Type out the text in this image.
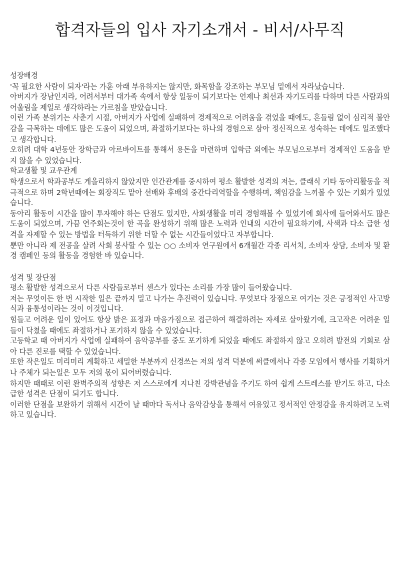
합격자들의 입사 자기소개서 - 비서/사무직
성장배경

'꼭 필요한 사람이 되자'라는 가훈 아래 부유하지는 않지만, 화목함을 강조하는 부모님 밑에서 자라났습니다.

아버지가 장남인지라, 어려서부터 대가족 속에서 항상 일등이 되기보다는 언제나 최선과 자기도리를 다하며 다른 사람과의 어울림을 제일로 생각하라는 가르침을 받았습니다.

이런 가족 분위기는 사춘기 시절, 아버지가 사업에 실패하여 경제적으로 어려움을 겪었을 때에도, 흔들림 없이 심리적 불안감을 극복하는 데에도 많은 도움이 되었으며, 좌절하기보다는 하나의 경험으로 삼아 정신적으로 성숙하는 데에도 일조했다고 생각합니다.

오히려 대학 4년동안 장학금과 아르바이트를 통해서 용돈을 마련하며 입학금 외에는 부모님으로부터 경제적인 도움을 받지 않을 수 있었습니다.

학교생활 및 교우관계

학생으로서 학과공부도 게을리하지 않았지만 인간관계를 중시하여 평소 활발한 성격의 저는, 클래식 기타 동아리활동을 적극적으로 하며 2학년때에는 회장직도 맡아 선배와 후배의 중간다리역할을 수행하며, 책임감을 느끼볼 수 있는 기회가 있었습니다.

동아리 활동이 시간을 많이 투자해야 하는 단점도 있지만, 사회생활을 미리 경험해볼 수 있었기에 회사에 들어와서도 많은 도움이 되었으며, 가끔 연주회는것이 한 곡을 완성하기 위해 많은 노력과 인내의 시간이 필요하기에, 사색과 다소 급한 성격을 자제할 수 있는 방법을 터득하기 위한 더할 수 없는 시간들이었다고 자부합니다.

뿐만 아니라 제 전공을 살려 사회 봉사할 수 있는 ○○ 소비자 연구원에서 6개월간 각종 리서치, 소비자 상담, 소비자 및 환경 캠페인 등의 활동을 경험한 바 있습니다.

성격 및 장단점

평소 활발한 성격으로서 다른 사람들로부터 센스가 있다는 소리를 가장 많이 들어왔습니다.

저는 무엇이든 한 번 시작한 일은 끝까지 밀고 나가는 추진력이 있습니다. 무엇보다 장점으로 여기는 것은 긍정적인 사고방식과 융통성이라는 것이 이것입니다.

힘들고 어려운 일이 있어도 항상 밝은 표정과 마음가짐으로 접근하여 해결하려는 자세로 살아왔기에, 크고작은 어려운 일들이 닥쳤을 때에도 좌절하거나 포기하지 않을 수 있었습니다.

고등학교 때 아버지가 사업에 실패하여 음악공부를 중도 포기하게 되었을 때에도 좌절하지 않고 오히려 발전의 기회로 삼아 다른 진로를 택할 수 있었습니다.

또한 작은일도 미리미리 계획하고 세밀한 부분까지 신경쓰는 저의 성격 덕분에 써클에서나 각종 모임에서 행사를 기획하거나 주체가 되는일은 모두 저의 몫이 되어버렸습니다.

하지만 때때로 이런 완벽주의적 성향은 저 스스로에게 지나친 강박관념을 주기도 하여 쉽게 스트레스를 받기도 하고, 다소 급한 성격은 단점이 되기도 합니다.

이러한 단점을 보완하기 위해서 시간이 날 때마다 독서나 음악감상을 통해서 여유있고 정서적인 안정감을 유지하려고 노력하고 있습니다.
